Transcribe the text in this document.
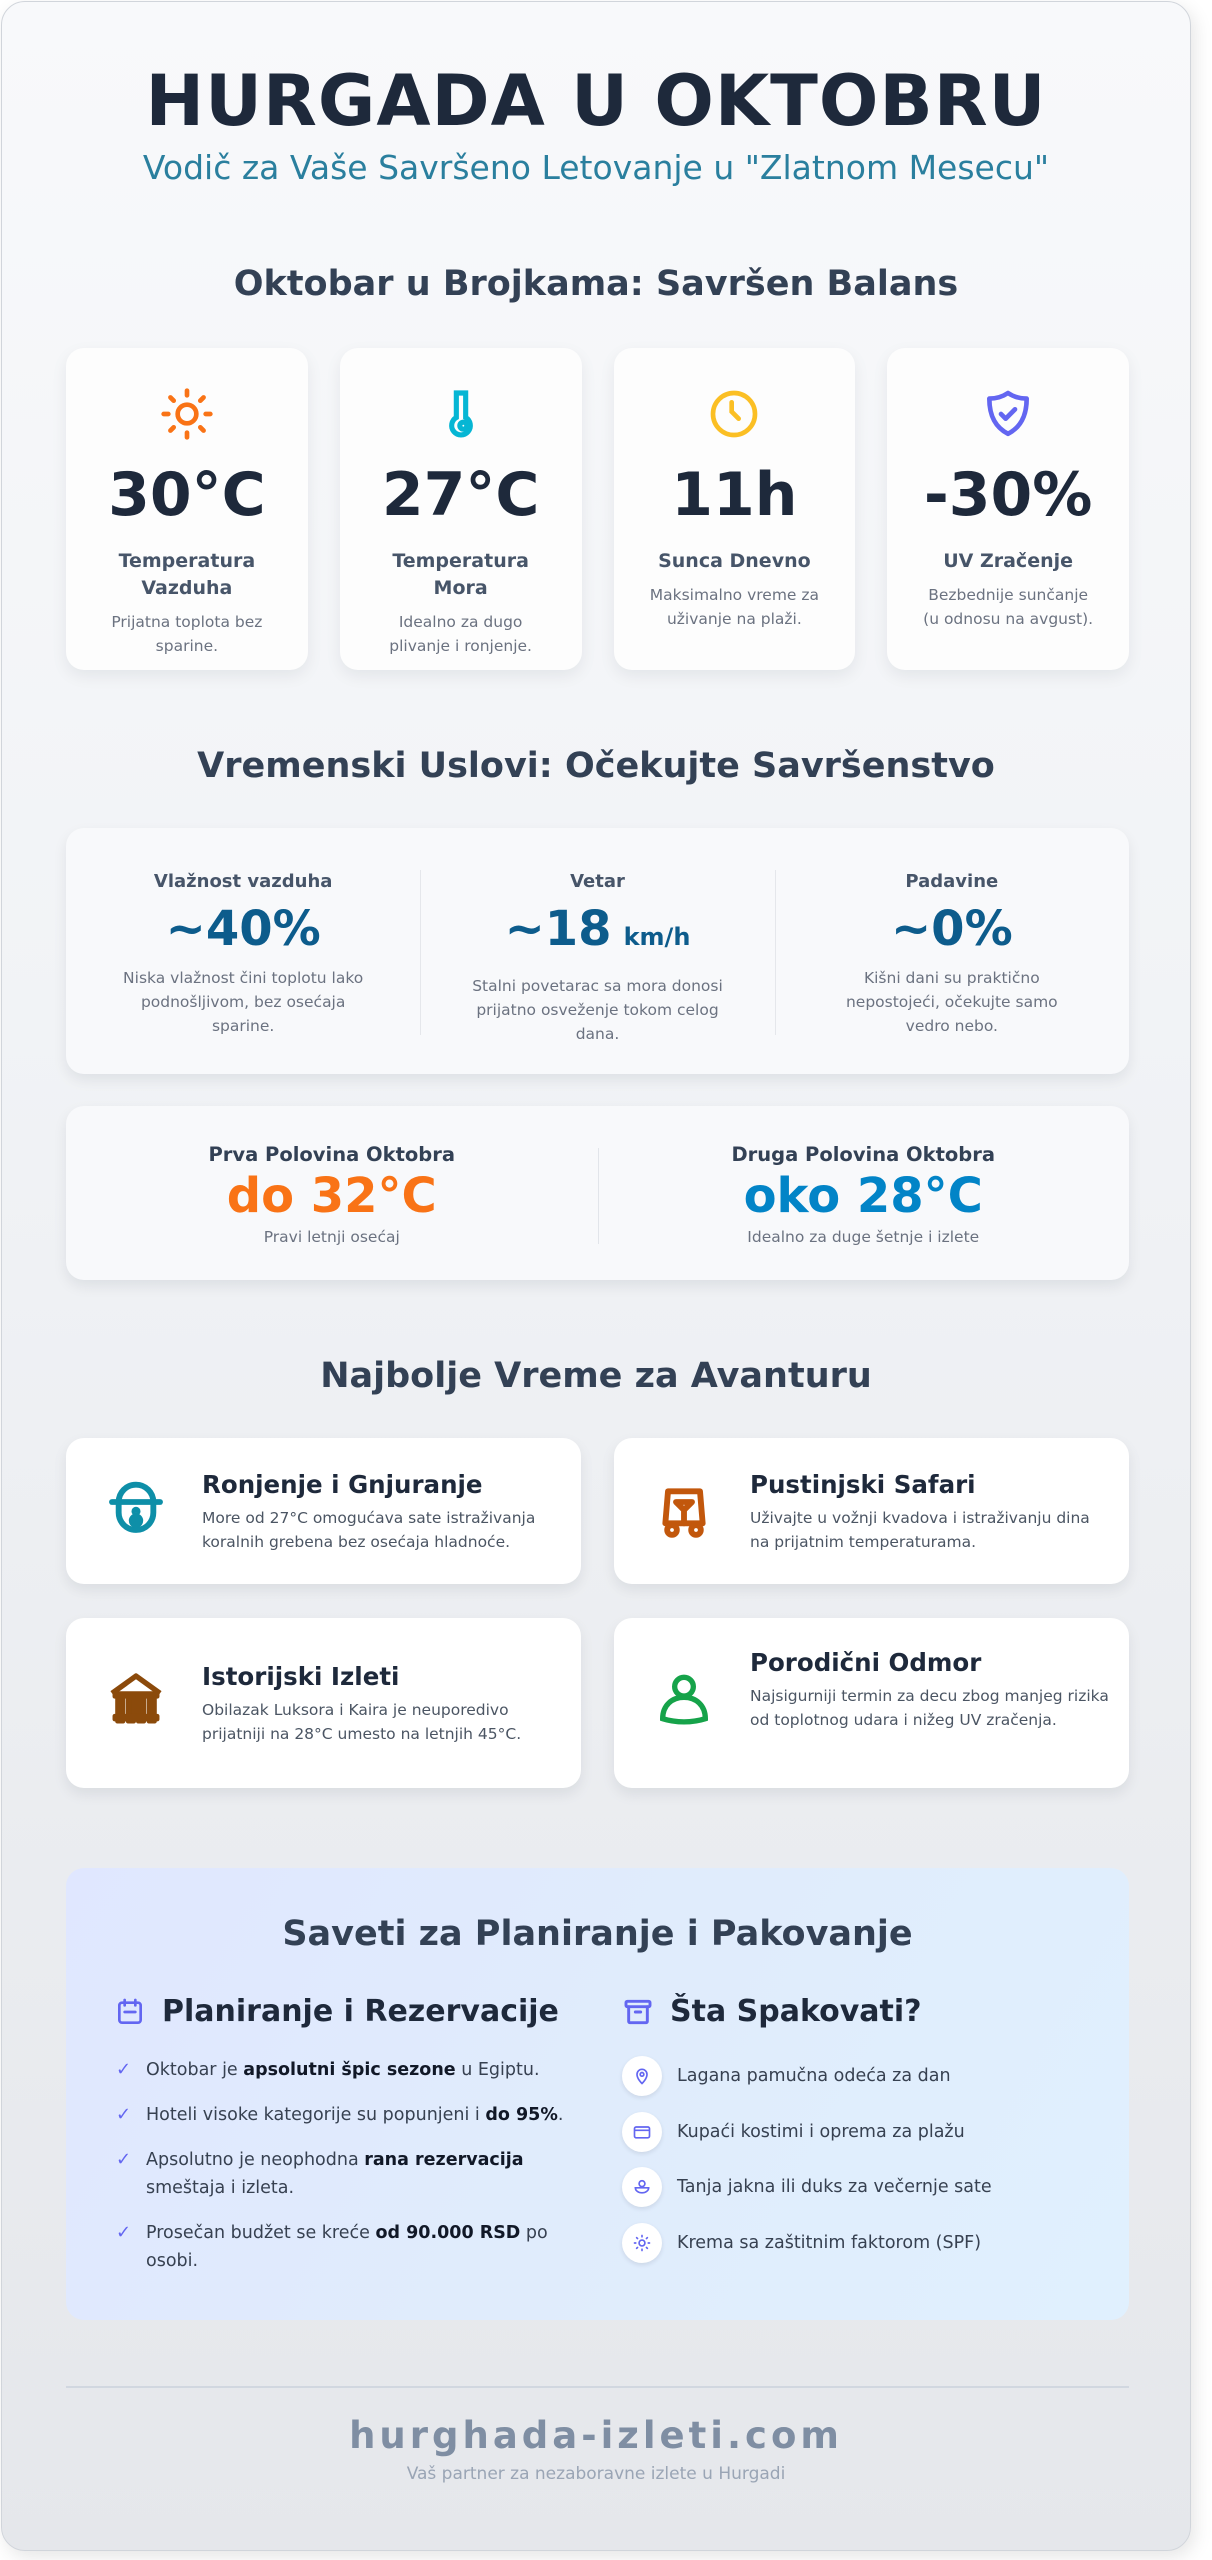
HURGADA U OKTOBRU
Vodič za Vaše Savršeno Letovanje u "Zlatnom Mesecu"
Oktobar u Brojkama: Savršen Balans
30°C
Temperatura Vazduha
Prijatna toplota bez sparine.
27°C
Temperatura Mora
Idealno za dugo plivanje i ronjenje.
11h
Sunca Dnevno
Maksimalno vreme za uživanje na plaži.
-30%
UV Zračenje
Bezbednije sunčanje (u odnosu na avgust).
Vremenski Uslovi: Očekujte Savršenstvo
Vlažnost vazduha
~40%
Niska vlažnost čini toplotu lako podnošljivom, bez osećaja sparine.
Vetar
~18 km/h
Stalni povetarac sa mora donosi prijatno osveženje tokom celog dana.
Padavine
~0%
Kišni dani su praktično nepostojeći, očekujte samo vedro nebo.
Prva Polovina Oktobra
do 32°C
Pravi letnji osećaj
Druga Polovina Oktobra
oko 28°C
Idealno za duge šetnje i izlete
Najbolje Vreme za Avanturu
Ronjenje i Gnjuranje
More od 27°C omogućava sate istraživanja koralnih grebena bez osećaja hladnoće.
Pustinjski Safari
Uživajte u vožnji kvadova i istraživanju dina na prijatnim temperaturama.
Istorijski Izleti
Obilazak Luksora i Kaira je neuporedivo prijatniji na 28°C umesto na letnjih 45°C.
Porodični Odmor
Najsigurniji termin za decu zbog manjeg rizika od toplotnog udara i nižeg UV zračenja.
Saveti za Planiranje i Pakovanje
Planiranje i Rezervacije
✓ Oktobar je apsolutni špic sezone u Egiptu.
✓ Hoteli visoke kategorije su popunjeni i do 95%.
✓ Apsolutno je neophodna rana rezervacija smeštaja i izleta.
✓ Prosečan budžet se kreće od 90.000 RSD po osobi.
Šta Spakovati?
Lagana pamučna odeća za dan
Kupaći kostimi i oprema za plažu
Tanja jakna ili duks za večernje sate
Krema sa zaštitnim faktorom (SPF)
hurghada-izleti.com
Vaš partner za nezaboravne izlete u Hurgadi
